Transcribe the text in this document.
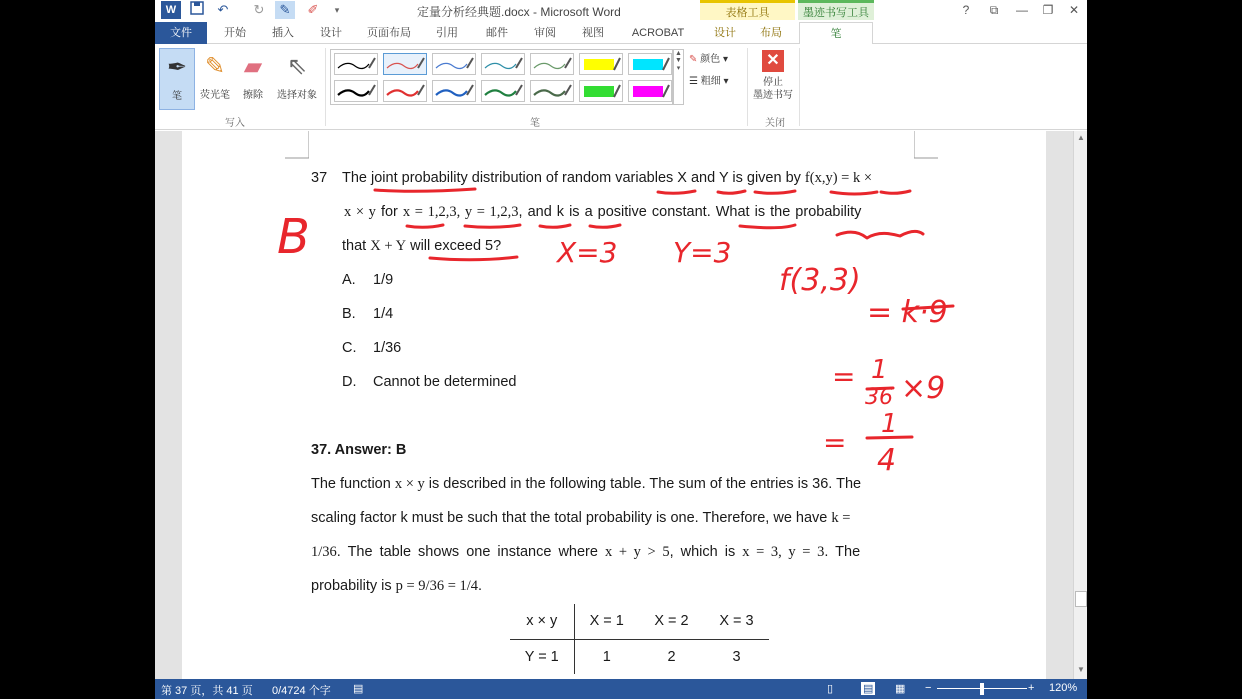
W	↶	↻	✎	✐	▾	定量分析经典题.docx - Microsoft Word	表格工具	墨迹书写工具	?	⧉	—	❐	✕
文件	开始	插入	设计	页面布局	引用	邮件	审阅	视图	ACROBAT	设计	布局	笔
✒
笔
✎
荧光笔
▰
擦除
⇖
选择对象
写入
▲
▼
▾
✎ 颜色 ▾
☰ 粗细 ▾
笔
✕
停止
墨迹书写
关闭
37 The joint probability distribution of random variables X and Y is given by f(x,y) = k ×
x × y for x = 1,2,3, y = 1,2,3, and k is a positive constant. What is the probability
that X + Y will exceed 5?
A. 1/9
B. 1/4
C. 1/36
D. Cannot be determined
37. Answer: B
The function x × y is described in the following table. The sum of the entries is 36. The
scaling factor k must be such that the total probability is one. Therefore, we have k =
1/36. The table shows one instance where x + y > 5, which is x = 3, y = 3. The
probability is p = 9/36 = 1/4.
x × y	X = 1	X = 2	X = 3
Y = 1	1	2	3
▲
▼
第 37 页，共 41 页 0/4724 个字 ▤	▯	▤ ▦ −	+ 120%
B	X=3 Y=3
f(3,3)
= k·9
= 1
36 ×9
=
1
4
